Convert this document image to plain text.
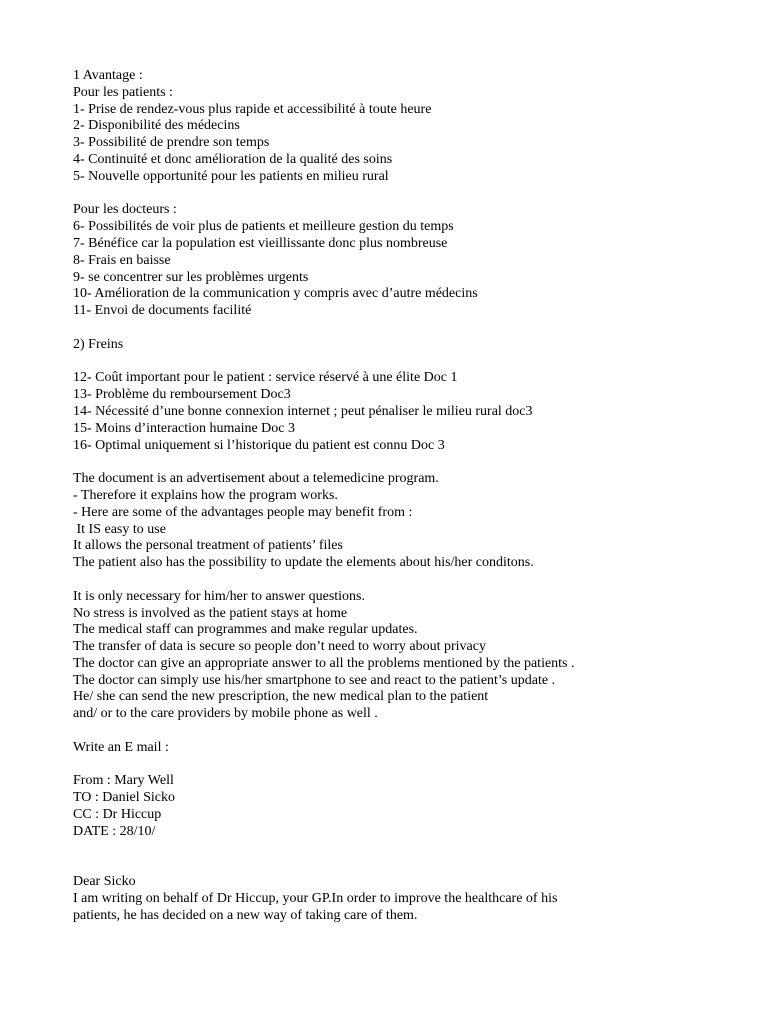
1 Avantage :
Pour les patients :
1- Prise de rendez-vous plus rapide et accessibilité à toute heure
2- Disponibilité des médecins
3- Possibilité de prendre son temps
4- Continuité et donc amélioration de la qualité des soins
5- Nouvelle opportunité pour les patients en milieu rural
Pour les docteurs :
6- Possibilités de voir plus de patients et meilleure gestion du temps
7- Bénéfice car la population est vieillissante donc plus nombreuse
8- Frais en baisse
9- se concentrer sur les problèmes urgents
10- Amélioration de la communication y compris avec d’autre médecins
11- Envoi de documents facilité
2) Freins
12- Coût important pour le patient : service réservé à une élite Doc 1
13- Problème du remboursement Doc3
14- Nécessité d’une bonne connexion internet ; peut pénaliser le milieu rural doc3
15- Moins d’interaction humaine Doc 3
16- Optimal uniquement si l’historique du patient est connu Doc 3
The document is an advertisement about a telemedicine program.
- Therefore it explains how the program works.
- Here are some of the advantages people may benefit from :
It IS easy to use
It allows the personal treatment of patients’ files
The patient also has the possibility to update the elements about his/her conditons.
It is only necessary for him/her to answer questions.
No stress is involved as the patient stays at home
The medical staff can programmes and make regular updates.
The transfer of data is secure so people don’t need to worry about privacy
The doctor can give an appropriate answer to all the problems mentioned by the patients .
The doctor can simply use his/her smartphone to see and react to the patient’s update .
He/ she can send the new prescription, the new medical plan to the patient
and/ or to the care providers by mobile phone as well .
Write an E mail :
From : Mary Well
TO : Daniel Sicko
CC : Dr Hiccup
DATE : 28/10/
Dear Sicko
I am writing on behalf of Dr Hiccup, your GP.In order to improve the healthcare of his
patients, he has decided on a new way of taking care of them.
